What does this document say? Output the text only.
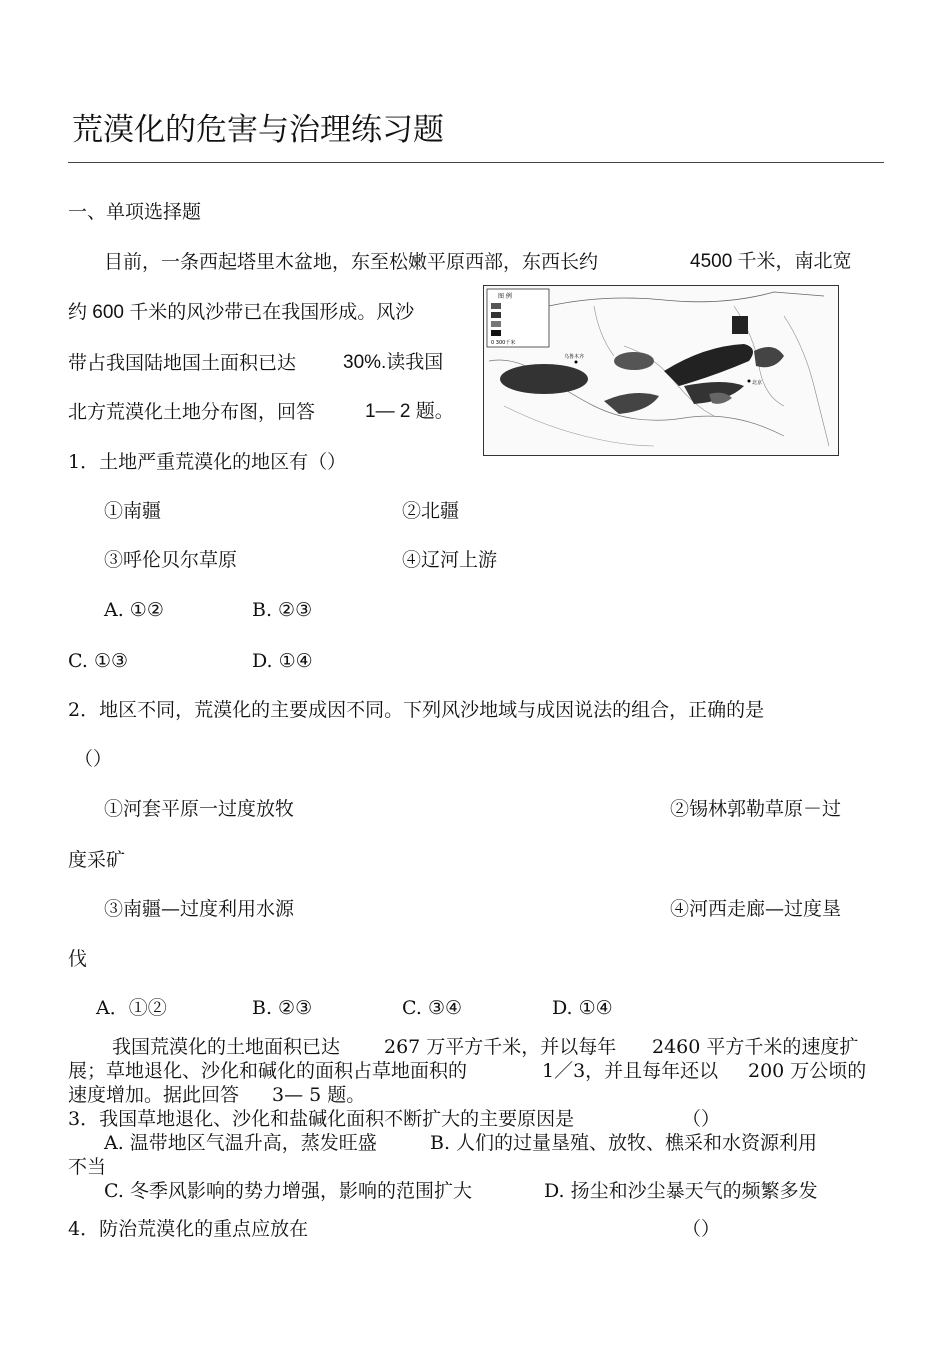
荒漠化的危害与治理练习题
一、单项选择题
目前，一条西起塔里木盆地，东至松嫩平原西部，东西长约	4500 千米，南北宽
约 600 千米的风沙带已在我国形成。风沙
带占我国陆地国土面积已达 30%.读我国
北方荒漠化土地分布图，回答	1— 2 题。
图 例
0 300千米
乌鲁木齐
北京
1．土地严重荒漠化的地区有（）
①南疆	②北疆
③呼伦贝尔草原	④辽河上游
A. ①②	B. ②③
C. ①③	D. ①④
2．地区不同，荒漠化的主要成因不同。下列风沙地域与成因说法的组合，正确的是
（）
①河套平原一过度放牧	②锡林郭勒草原－过
度采矿
③南疆—过度利用水源	④河西走廊—过度垦
伐
A．①②	B. ②③	C. ③④	D. ①④
我国荒漠化的土地面积已达 267 万平方千米，并以每年 2460 平方千米的速度扩
展；草地退化、沙化和碱化的面积占草地面积的	1／3，并且每年还以 200 万公顷的
速度增加。据此回答 3— 5 题。
3．我国草地退化、沙化和盐碱化面积不断扩大的主要原因是	（）
A. 温带地区气温升高，蒸发旺盛	B. 人们的过量垦殖、放牧、樵采和水资源利用
不当
C. 冬季风影响的势力增强，影响的范围扩大	D. 扬尘和沙尘暴天气的频繁多发
4．防治荒漠化的重点应放在	（）
